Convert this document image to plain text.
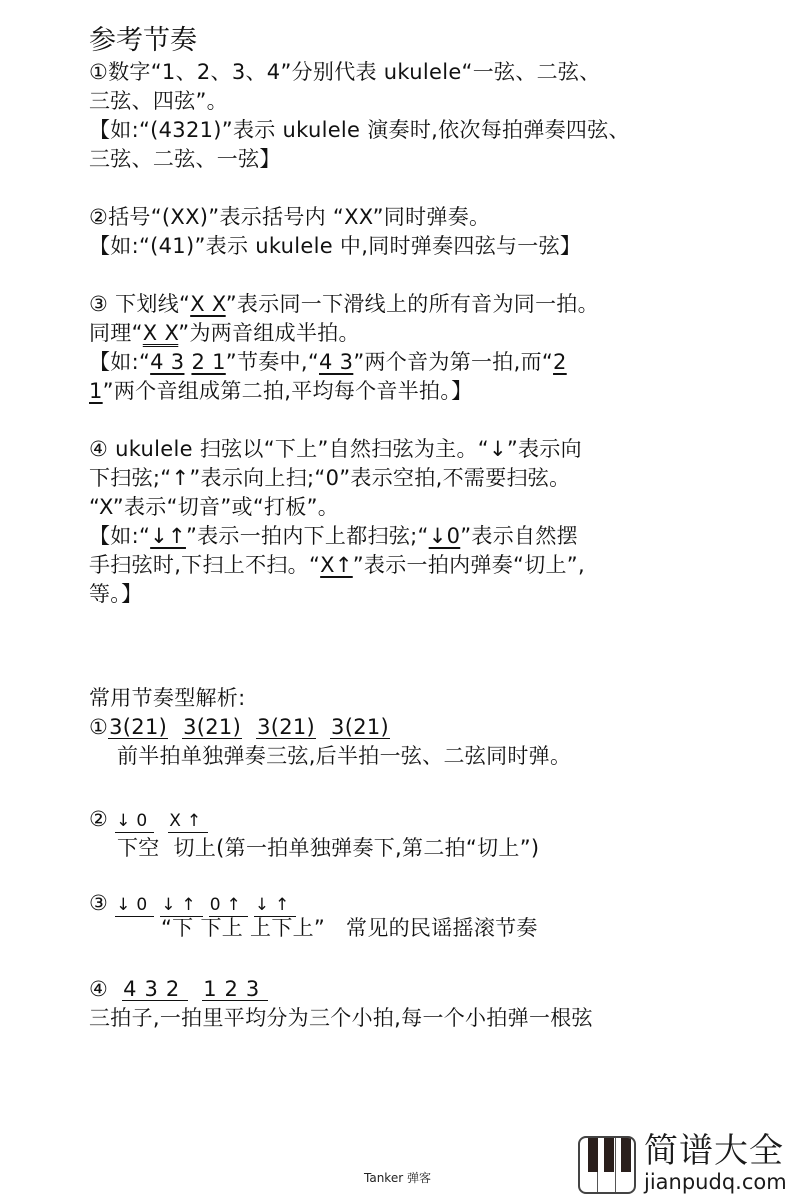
参考节奏
①数字“1、2、3、4”分别代表 ukulele“一弦、二弦、
三弦、四弦”。
【如:“(4321)”表示 ukulele 演奏时,依次每拍弹奏四弦、
三弦、二弦、一弦】
②括号“(XX)”表示括号内 “XX”同时弹奏。
【如:“(41)”表示 ukulele 中,同时弹奏四弦与一弦】
③ 下划线“X X”表示同一下滑线上的所有音为同一拍。
同理“X X”为两音组成半拍。
【如:“4 3 2 1”节奏中,“4 3”两个音为第一拍,而“2
1”两个音组成第二拍,平均每个音半拍。】
④ ukulele 扫弦以“下上”自然扫弦为主。“↓”表示向
下扫弦;“↑”表示向上扫;“0”表示空拍,不需要扫弦。
“X”表示“切音”或“打板”。
【如:“↓↑”表示一拍内下上都扫弦;“↓0”表示自然摆
手扫弦时,下扫上不扫。“X↑”表示一拍内弹奏“切上”,
等。】
常用节奏型解析:
①3(21) 3(21) 3(21) 3(21)
前半拍单独弹奏三弦,后半拍一弦、二弦同时弹。
② ↓0 X↑
下空  切上(第一拍单独弹奏下,第二拍“切上”)
③ ↓0 ↓↑ 0↑ ↓↑
“下 下上 上下上”   常见的民谣摇滚节奏
④ 432 123
三拍子,一拍里平均分为三个小拍,每一个小拍弹一根弦
Tanker 弹客
简谱大全
jianpudq.com
